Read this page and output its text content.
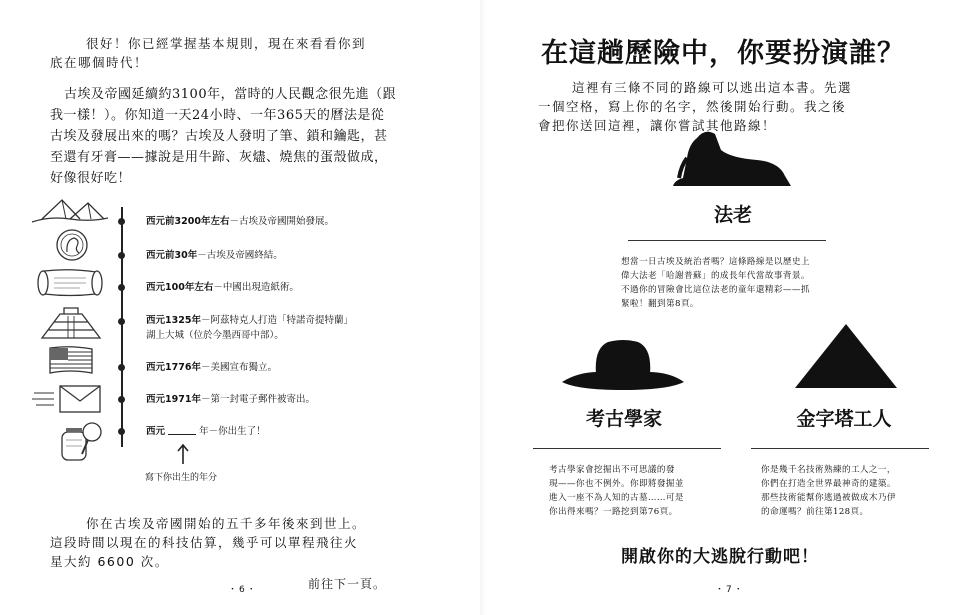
很好！你已經掌握基本規則，現在來看看你到
底在哪個時代！
古埃及帝國延續約3100年，當時的人民觀念很先進（跟
我一樣！）。你知道一天24小時、一年365天的曆法是從
古埃及發展出來的嗎？古埃及人發明了筆、鎖和鑰匙，甚
至還有牙膏——據說是用牛蹄、灰燼、燒焦的蛋殼做成，
好像很好吃！
西元前3200年左右－古埃及帝國開始發展。
西元前30年－古埃及帝國終結。
西元100年左右－中國出現造紙術。
西元1325年－阿茲特克人打造「特諾奇提特蘭」
湖上大城（位於今墨西哥中部）。
西元1776年－美國宣布獨立。
西元1971年－第一封電子郵件被寄出。
西元	年－你出生了！
寫下你出生的年分
你在古埃及帝國開始的五千多年後來到世上。
這段時間以現在的科技估算，幾乎可以單程飛往火
星大約 6600 次。
・6・	前往下一頁。
在這趟歷險中，你要扮演誰？
這裡有三條不同的路線可以逃出這本書。先選
一個空格，寫上你的名字，然後開始行動。我之後
會把你送回這裡，讓你嘗試其他路線！
法老
想當一日古埃及統治者嗎？這條路線是以歷史上
偉大法老「哈謝普蘇」的成長年代當故事背景。
不過你的冒險會比這位法老的童年還精彩——抓
緊啦！翻到第8頁。
考古學家
考古學家會挖掘出不可思議的發
現——你也不例外。你即將發掘並
進入一座不為人知的古墓……可是
你出得來嗎？一路挖到第76頁。
金字塔工人
你是幾千名技術熟練的工人之一，
你們在打造全世界最神奇的建築。
那些技術能幫你逃過被做成木乃伊
的命運嗎？前往第128頁。
開啟你的大逃脫行動吧！
・7・
